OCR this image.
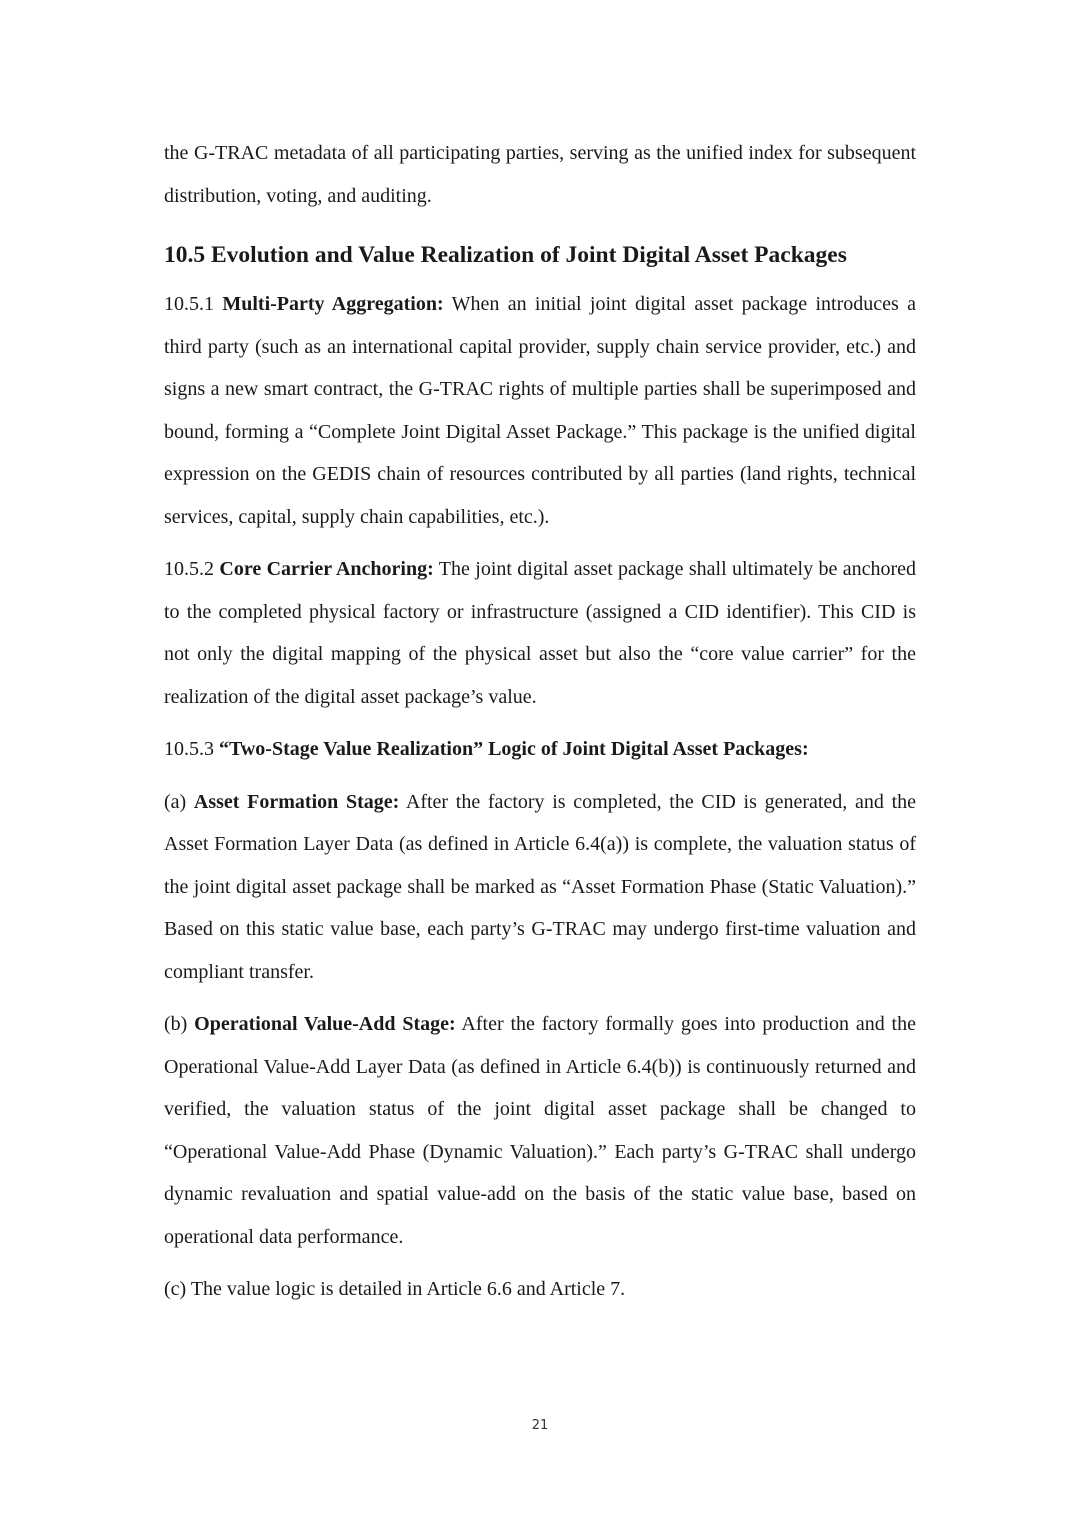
the G-TRAC metadata of all participating parties, serving as the unified index for subsequent distribution, voting, and auditing.

10.5 Evolution and Value Realization of Joint Digital Asset Packages

10.5.1 Multi-Party Aggregation: When an initial joint digital asset package introduces a third party (such as an international capital provider, supply chain service provider, etc.) and signs a new smart contract, the G-TRAC rights of multiple parties shall be superimposed and bound, forming a “Complete Joint Digital Asset Package.” This package is the unified digital expression on the GEDIS chain of resources contributed by all parties (land rights, technical services, capital, supply chain capabilities, etc.).

10.5.2 Core Carrier Anchoring: The joint digital asset package shall ultimately be anchored to the completed physical factory or infrastructure (assigned a CID identifier). This CID is not only the digital mapping of the physical asset but also the “core value carrier” for the realization of the digital asset package’s value.

10.5.3 “Two-Stage Value Realization” Logic of Joint Digital Asset Packages:

(a) Asset Formation Stage: After the factory is completed, the CID is generated, and the Asset Formation Layer Data (as defined in Article 6.4(a)) is complete, the valuation status of the joint digital asset package shall be marked as “Asset Formation Phase (Static Valuation).” Based on this static value base, each party’s G-TRAC may undergo first-time valuation and compliant transfer.

(b) Operational Value-Add Stage: After the factory formally goes into production and the Operational Value-Add Layer Data (as defined in Article 6.4(b)) is continuously returned and verified, the valuation status of the joint digital asset package shall be changed to “Operational Value-Add Phase (Dynamic Valuation).” Each party’s G-TRAC shall undergo dynamic revaluation and spatial value-add on the basis of the static value base, based on operational data performance.

(c) The value logic is detailed in Article 6.6 and Article 7.

21
